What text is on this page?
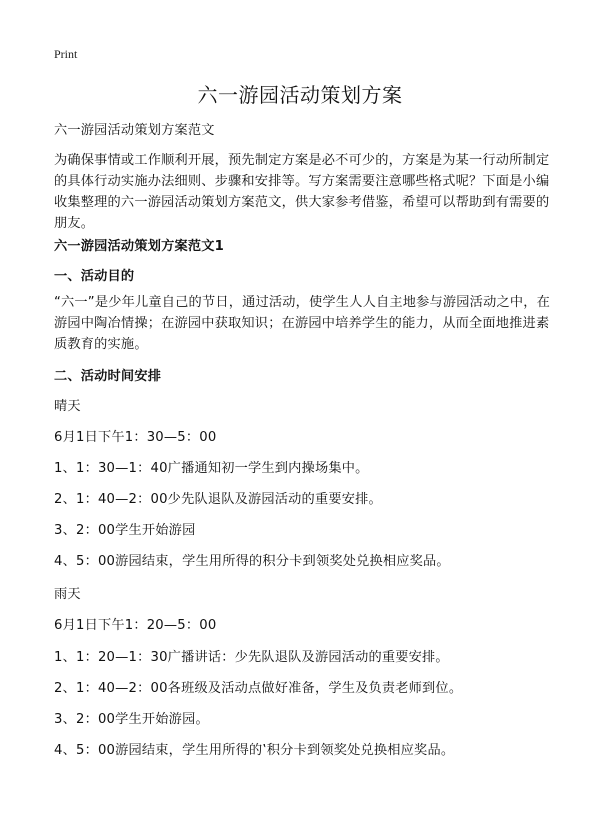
Print
六一游园活动策划方案

六一游园活动策划方案范文

为确保事情或工作顺利开展，预先制定方案是必不可少的，方案是为某一行动所制定的具体行动实施办法细则、步骤和安排等。写方案需要注意哪些格式呢？下面是小编收集整理的六一游园活动策划方案范文，供大家参考借鉴，希望可以帮助到有需要的朋友。

六一游园活动策划方案范文1

一、活动目的

“六一”是少年儿童自己的节日，通过活动，使学生人人自主地参与游园活动之中，在游园中陶冶情操；在游园中获取知识；在游园中培养学生的能力，从而全面地推进素质教育的实施。

二、活动时间安排

晴天

6月1日下午1：30—5：00

1、1：30—1：40广播通知初一学生到内操场集中。

2、1：40—2：00少先队退队及游园活动的重要安排。

3、2：00学生开始游园

4、5：00游园结束，学生用所得的积分卡到领奖处兑换相应奖品。

雨天

6月1日下午1：20—5：00

1、1：20—1：30广播讲话：少先队退队及游园活动的重要安排。

2、1：40—2：00各班级及活动点做好准备，学生及负责老师到位。

3、2：00学生开始游园。

4、5：00游园结束，学生用所得的‛积分卡到领奖处兑换相应奖品。
